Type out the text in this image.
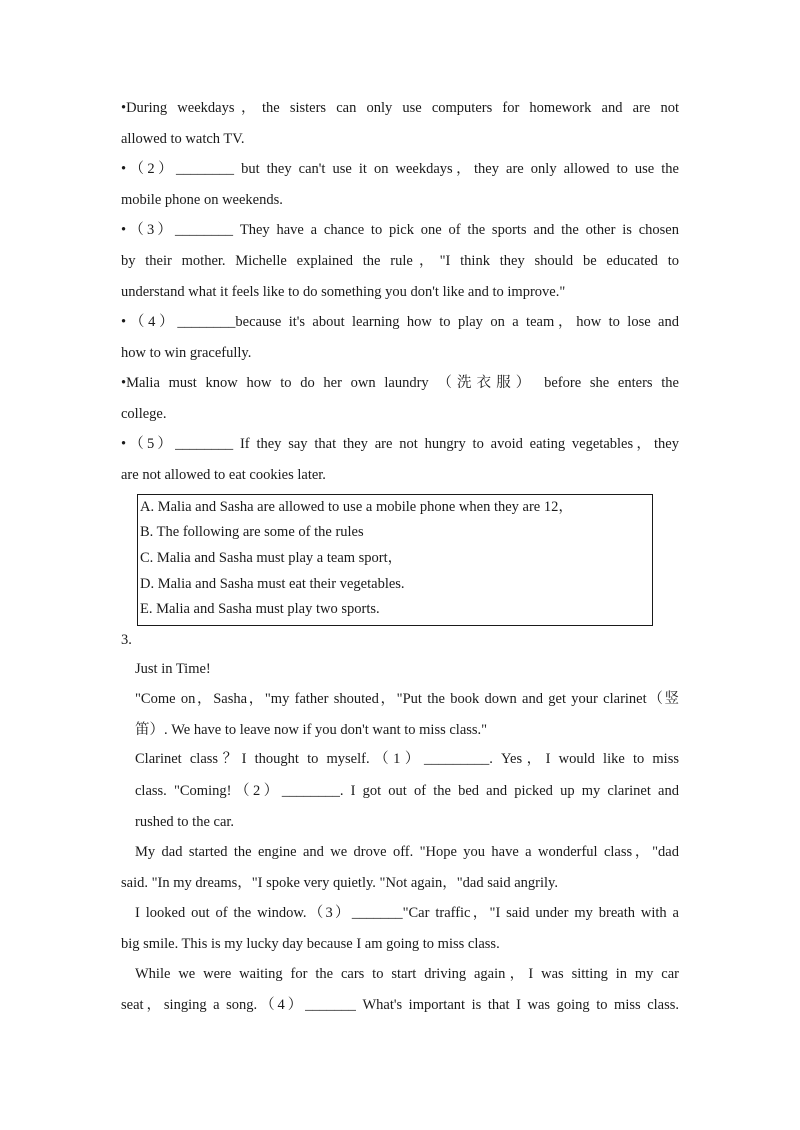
•During weekdays，the sisters can only use computers for homework and are not
allowed to watch TV.
•（2）________ but they can't use it on weekdays，they are only allowed to use the
mobile phone on weekends.
•（3）________ They have a chance to pick one of the sports and the other is chosen
by their mother. Michelle explained the rule，"I think they should be educated to
understand what it feels like to do something you don't like and to improve."
•（4）________because it's about learning how to play on a team，how to lose and
how to win gracefully.
•Malia must know how to do her own laundry （洗衣服） before she enters the
college.
•（5）________ If they say that they are not hungry to avoid eating vegetables，they
are not allowed to eat cookies later.
A. Malia and Sasha are allowed to use a mobile phone when they are 12，
B. The following are some of the rules
C. Malia and Sasha must play a team sport，
D. Malia and Sasha must eat their vegetables.
E. Malia and Sasha must play two sports.
3.
Just in Time!
"Come on，Sasha，"my father shouted，"Put the book down and get your clarinet（竖
笛）. We have to leave now if you don't want to miss class."
Clarinet class？I thought to myself.（1）_________. Yes，I would like to miss
class. "Coming!（2）________. I got out of the bed and picked up my clarinet and
rushed to the car.
My dad started the engine and we drove off. "Hope you have a wonderful class，"dad
said. "In my dreams，"I spoke very quietly. "Not again，"dad said angrily.
I looked out of the window.（3）_______"Car traffic，"I said under my breath with a
big smile. This is my lucky day because I am going to miss class.
While we were waiting for the cars to start driving again，I was sitting in my car
seat，singing a song.（4）_______ What's important is that I was going to miss class.
